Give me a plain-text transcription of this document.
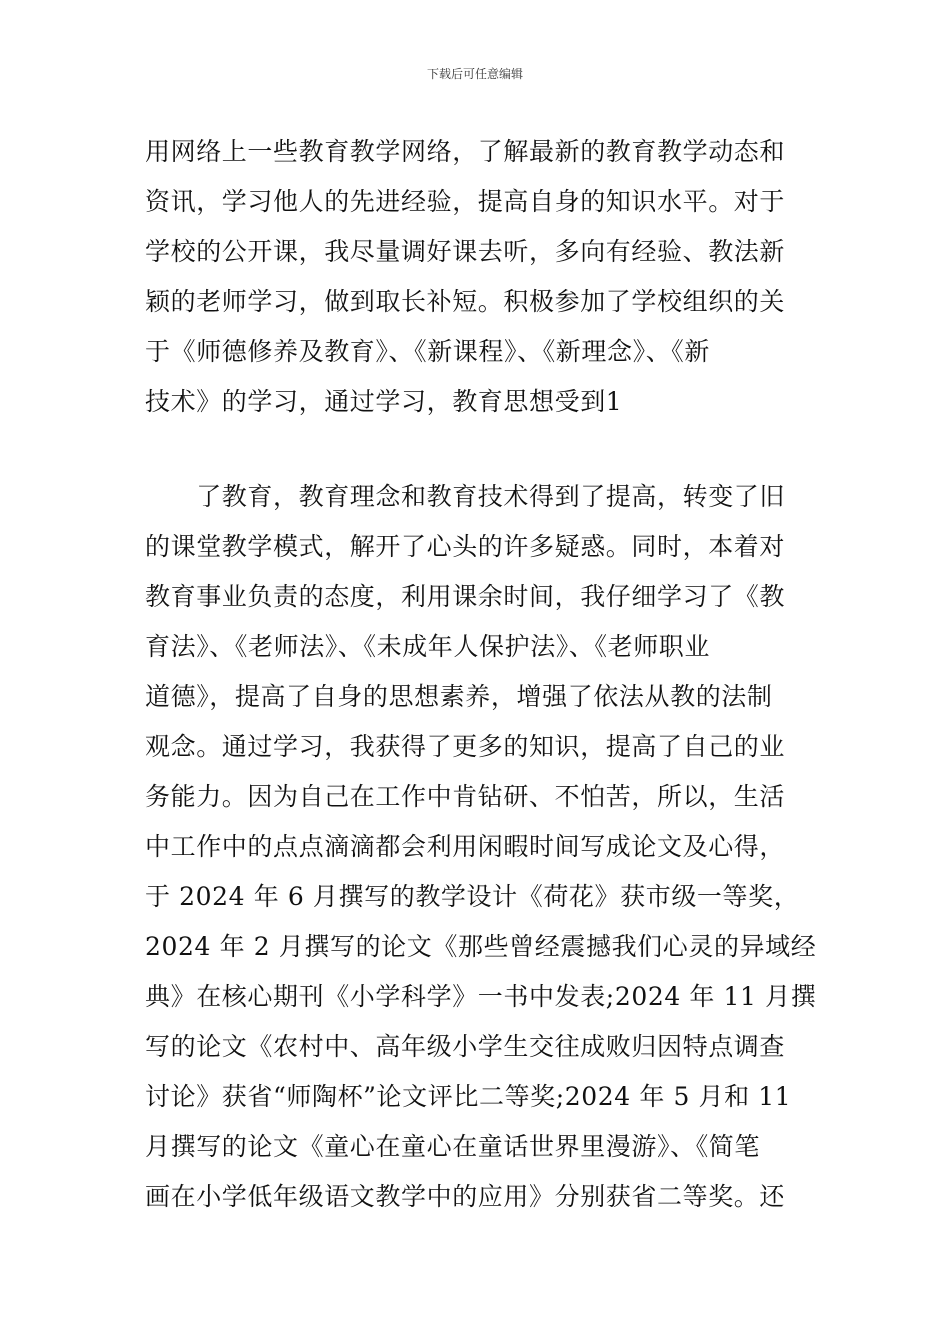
下载后可任意编辑
用网络上一些教育教学网络，了解最新的教育教学动态和
资讯，学习他人的先进经验，提高自身的知识水平。对于
学校的公开课，我尽量调好课去听，多向有经验、教法新
颖的老师学习，做到取长补短。积极参加了学校组织的关
于《师德修养及教育》、《新课程》、《新理念》、《新
技术》的学习，通过学习，教育思想受到1
　　了教育，教育理念和教育技术得到了提高，转变了旧
的课堂教学模式，解开了心头的许多疑惑。同时，本着对
教育事业负责的态度，利用课余时间，我仔细学习了《教
育法》、《老师法》、《未成年人保护法》、《老师职业
道德》，提高了自身的思想素养，增强了依法从教的法制
观念。通过学习，我获得了更多的知识，提高了自己的业
务能力。因为自己在工作中肯钻研、不怕苦，所以，生活
中工作中的点点滴滴都会利用闲暇时间写成论文及心得，
于 2024 年 6 月撰写的教学设计《荷花》获市级一等奖，
2024 年 2 月撰写的论文《那些曾经震撼我们心灵的异域经
典》在核心期刊《小学科学》一书中发表;2024 年 11 月撰
写的论文《农村中、高年级小学生交往成败归因特点调查
讨论》获省“师陶杯”论文评比二等奖;2024 年 5 月和 11
月撰写的论文《童心在童心在童话世界里漫游》、《简笔
画在小学低年级语文教学中的应用》分别获省二等奖。还
